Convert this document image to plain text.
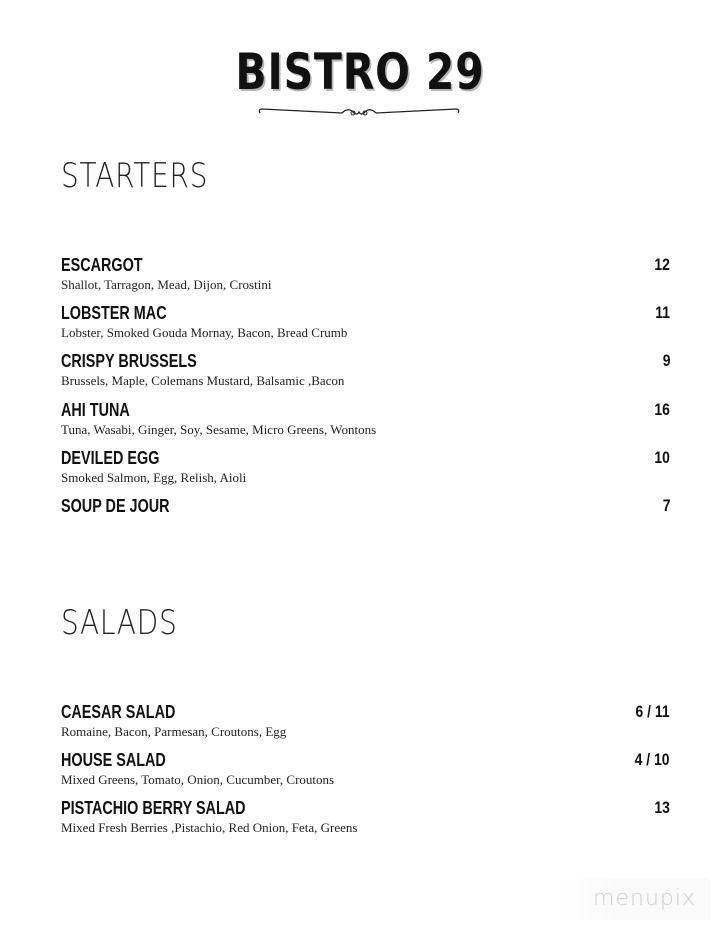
BISTRO 29
STARTERS
ESCARGOT	12
Shallot, Tarragon, Mead, Dijon, Crostini
LOBSTER MAC	11
Lobster, Smoked Gouda Mornay, Bacon, Bread Crumb
CRISPY BRUSSELS	9
Brussels, Maple, Colemans Mustard, Balsamic ,Bacon
AHI TUNA	16
Tuna, Wasabi, Ginger, Soy, Sesame, Micro Greens, Wontons
DEVILED EGG	10
Smoked Salmon, Egg, Relish, Aioli
SOUP DE JOUR	7
SALADS
CAESAR SALAD	6 / 11
Romaine, Bacon, Parmesan, Croutons, Egg
HOUSE SALAD	4 / 10
Mixed Greens, Tomato, Onion, Cucumber, Croutons
PISTACHIO BERRY SALAD	13
Mixed Fresh Berries ,Pistachio, Red Onion, Feta, Greens
menupix
